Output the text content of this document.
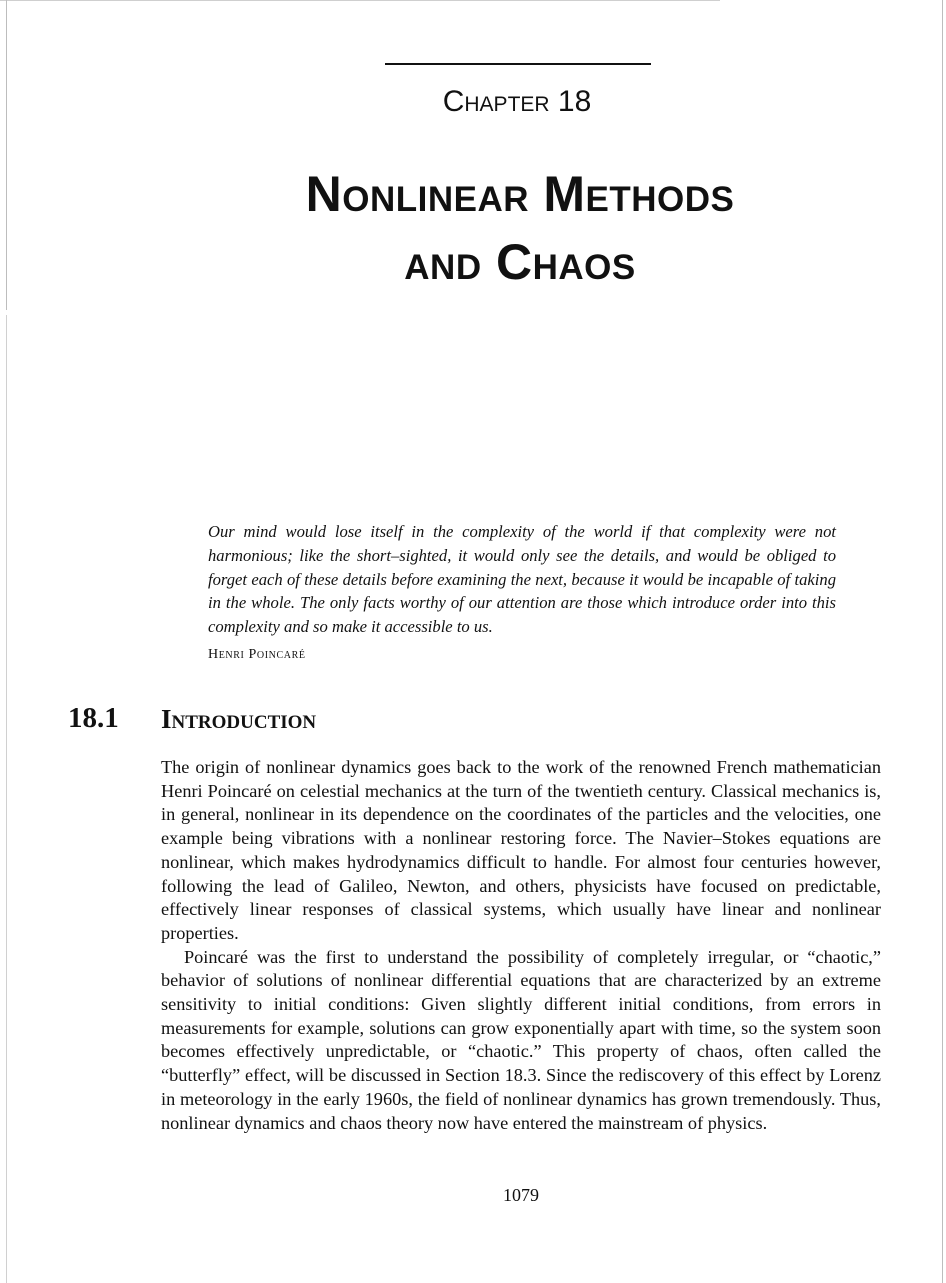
Chapter 18
Nonlinear Methods
and Chaos
Our mind would lose itself in the complexity of the world if that complexity were not harmonious; like the short–sighted, it would only see the details, and would be obliged to forget each of these details before examining the next, because it would be incapable of taking in the whole. The only facts worthy of our attention are those which introduce order into this complexity and so make it accessible to us.
Henri Poincaré
18.1 Introduction

The origin of nonlinear dynamics goes back to the work of the renowned French mathematician Henri Poincaré on celestial mechanics at the turn of the twentieth century. Classical mechanics is, in general, nonlinear in its dependence on the coordinates of the particles and the velocities, one example being vibrations with a nonlinear restoring force. The Navier–Stokes equations are nonlinear, which makes hydrodynamics difficult to handle. For almost four centuries however, following the lead of Galileo, Newton, and others, physicists have focused on predictable, effectively linear responses of classical systems, which usually have linear and nonlinear properties.

Poincaré was the first to understand the possibility of completely irregular, or “chaotic,” behavior of solutions of nonlinear differential equations that are characterized by an extreme sensitivity to initial conditions: Given slightly different initial conditions, from errors in measurements for example, solutions can grow exponentially apart with time, so the system soon becomes effectively unpredictable, or “chaotic.” This property of chaos, often called the “butterfly” effect, will be discussed in Section 18.3. Since the rediscovery of this effect by Lorenz in meteorology in the early 1960s, the field of nonlinear dynamics has grown tremendously. Thus, nonlinear dynamics and chaos theory now have entered the mainstream of physics.

1079
